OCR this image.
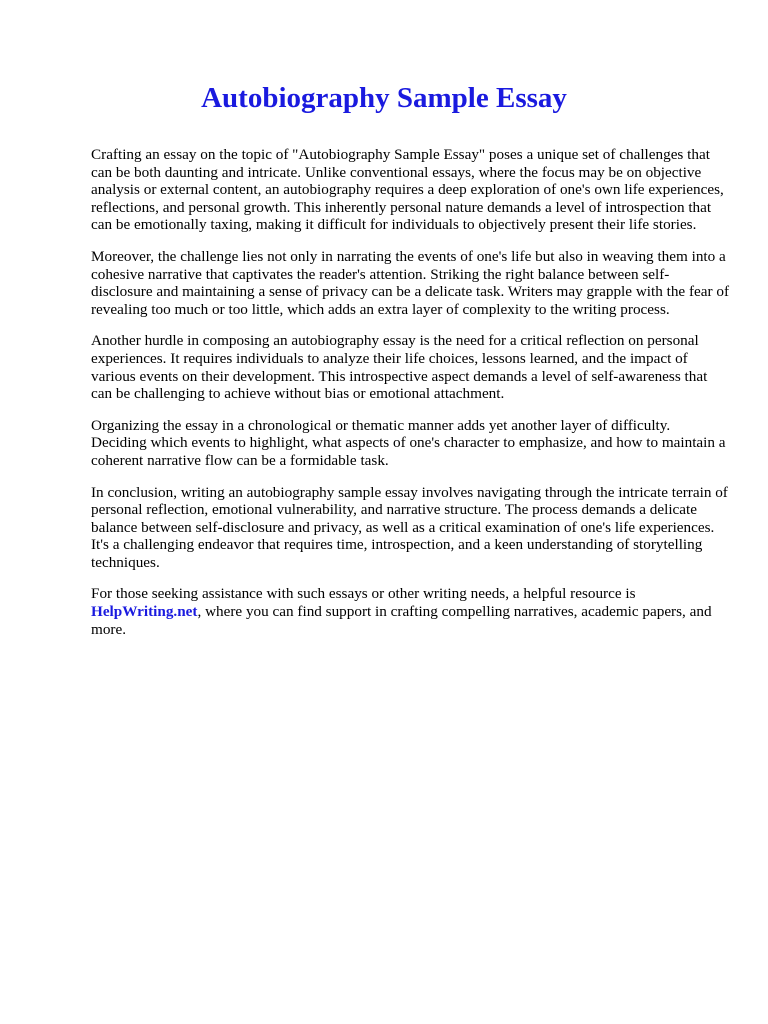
Autobiography Sample Essay

Crafting an essay on the topic of "Autobiography Sample Essay" poses a unique set of challenges that can be both daunting and intricate. Unlike conventional essays, where the focus may be on objective analysis or external content, an autobiography requires a deep exploration of one's own life experiences, reflections, and personal growth. This inherently personal nature demands a level of introspection that can be emotionally taxing, making it difficult for individuals to objectively present their life stories.

Moreover, the challenge lies not only in narrating the events of one's life but also in weaving them into a cohesive narrative that captivates the reader's attention. Striking the right balance between self-disclosure and maintaining a sense of privacy can be a delicate task. Writers may grapple with the fear of revealing too much or too little, which adds an extra layer of complexity to the writing process.

Another hurdle in composing an autobiography essay is the need for a critical reflection on personal experiences. It requires individuals to analyze their life choices, lessons learned, and the impact of various events on their development. This introspective aspect demands a level of self-awareness that can be challenging to achieve without bias or emotional attachment.

Organizing the essay in a chronological or thematic manner adds yet another layer of difficulty. Deciding which events to highlight, what aspects of one's character to emphasize, and how to maintain a coherent narrative flow can be a formidable task.

In conclusion, writing an autobiography sample essay involves navigating through the intricate terrain of personal reflection, emotional vulnerability, and narrative structure. The process demands a delicate balance between self-disclosure and privacy, as well as a critical examination of one's life experiences. It's a challenging endeavor that requires time, introspection, and a keen understanding of storytelling techniques.

For those seeking assistance with such essays or other writing needs, a helpful resource is HelpWriting.net, where you can find support in crafting compelling narratives, academic papers, and more.
